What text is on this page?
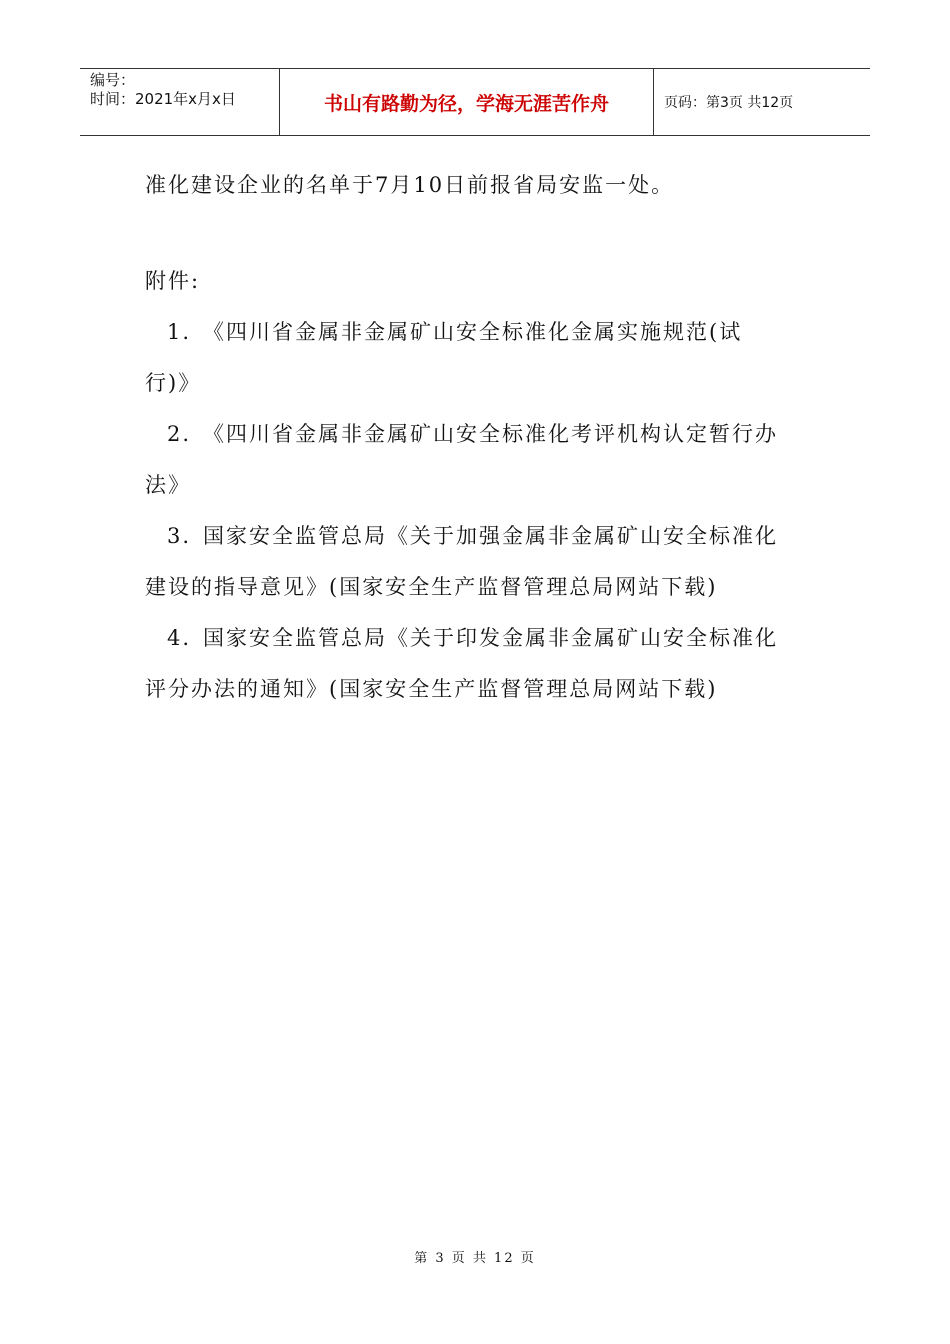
编号：
时间：2021年x月x日	书山有路勤为径，学海无涯苦作舟	页码：第3页 共12页

准化建设企业的名单于7月10日前报省局安监一处。

附件:

1. 《四川省金属非金属矿山安全标准化金属实施规范(试

行)》

2. 《四川省金属非金属矿山安全标准化考评机构认定暂行办

法》

3. 国家安全监管总局《关于加强金属非金属矿山安全标准化

建设的指导意见》(国家安全生产监督管理总局网站下载)

4. 国家安全监管总局《关于印发金属非金属矿山安全标准化

评分办法的通知》(国家安全生产监督管理总局网站下载)

第 3 页 共 12 页
